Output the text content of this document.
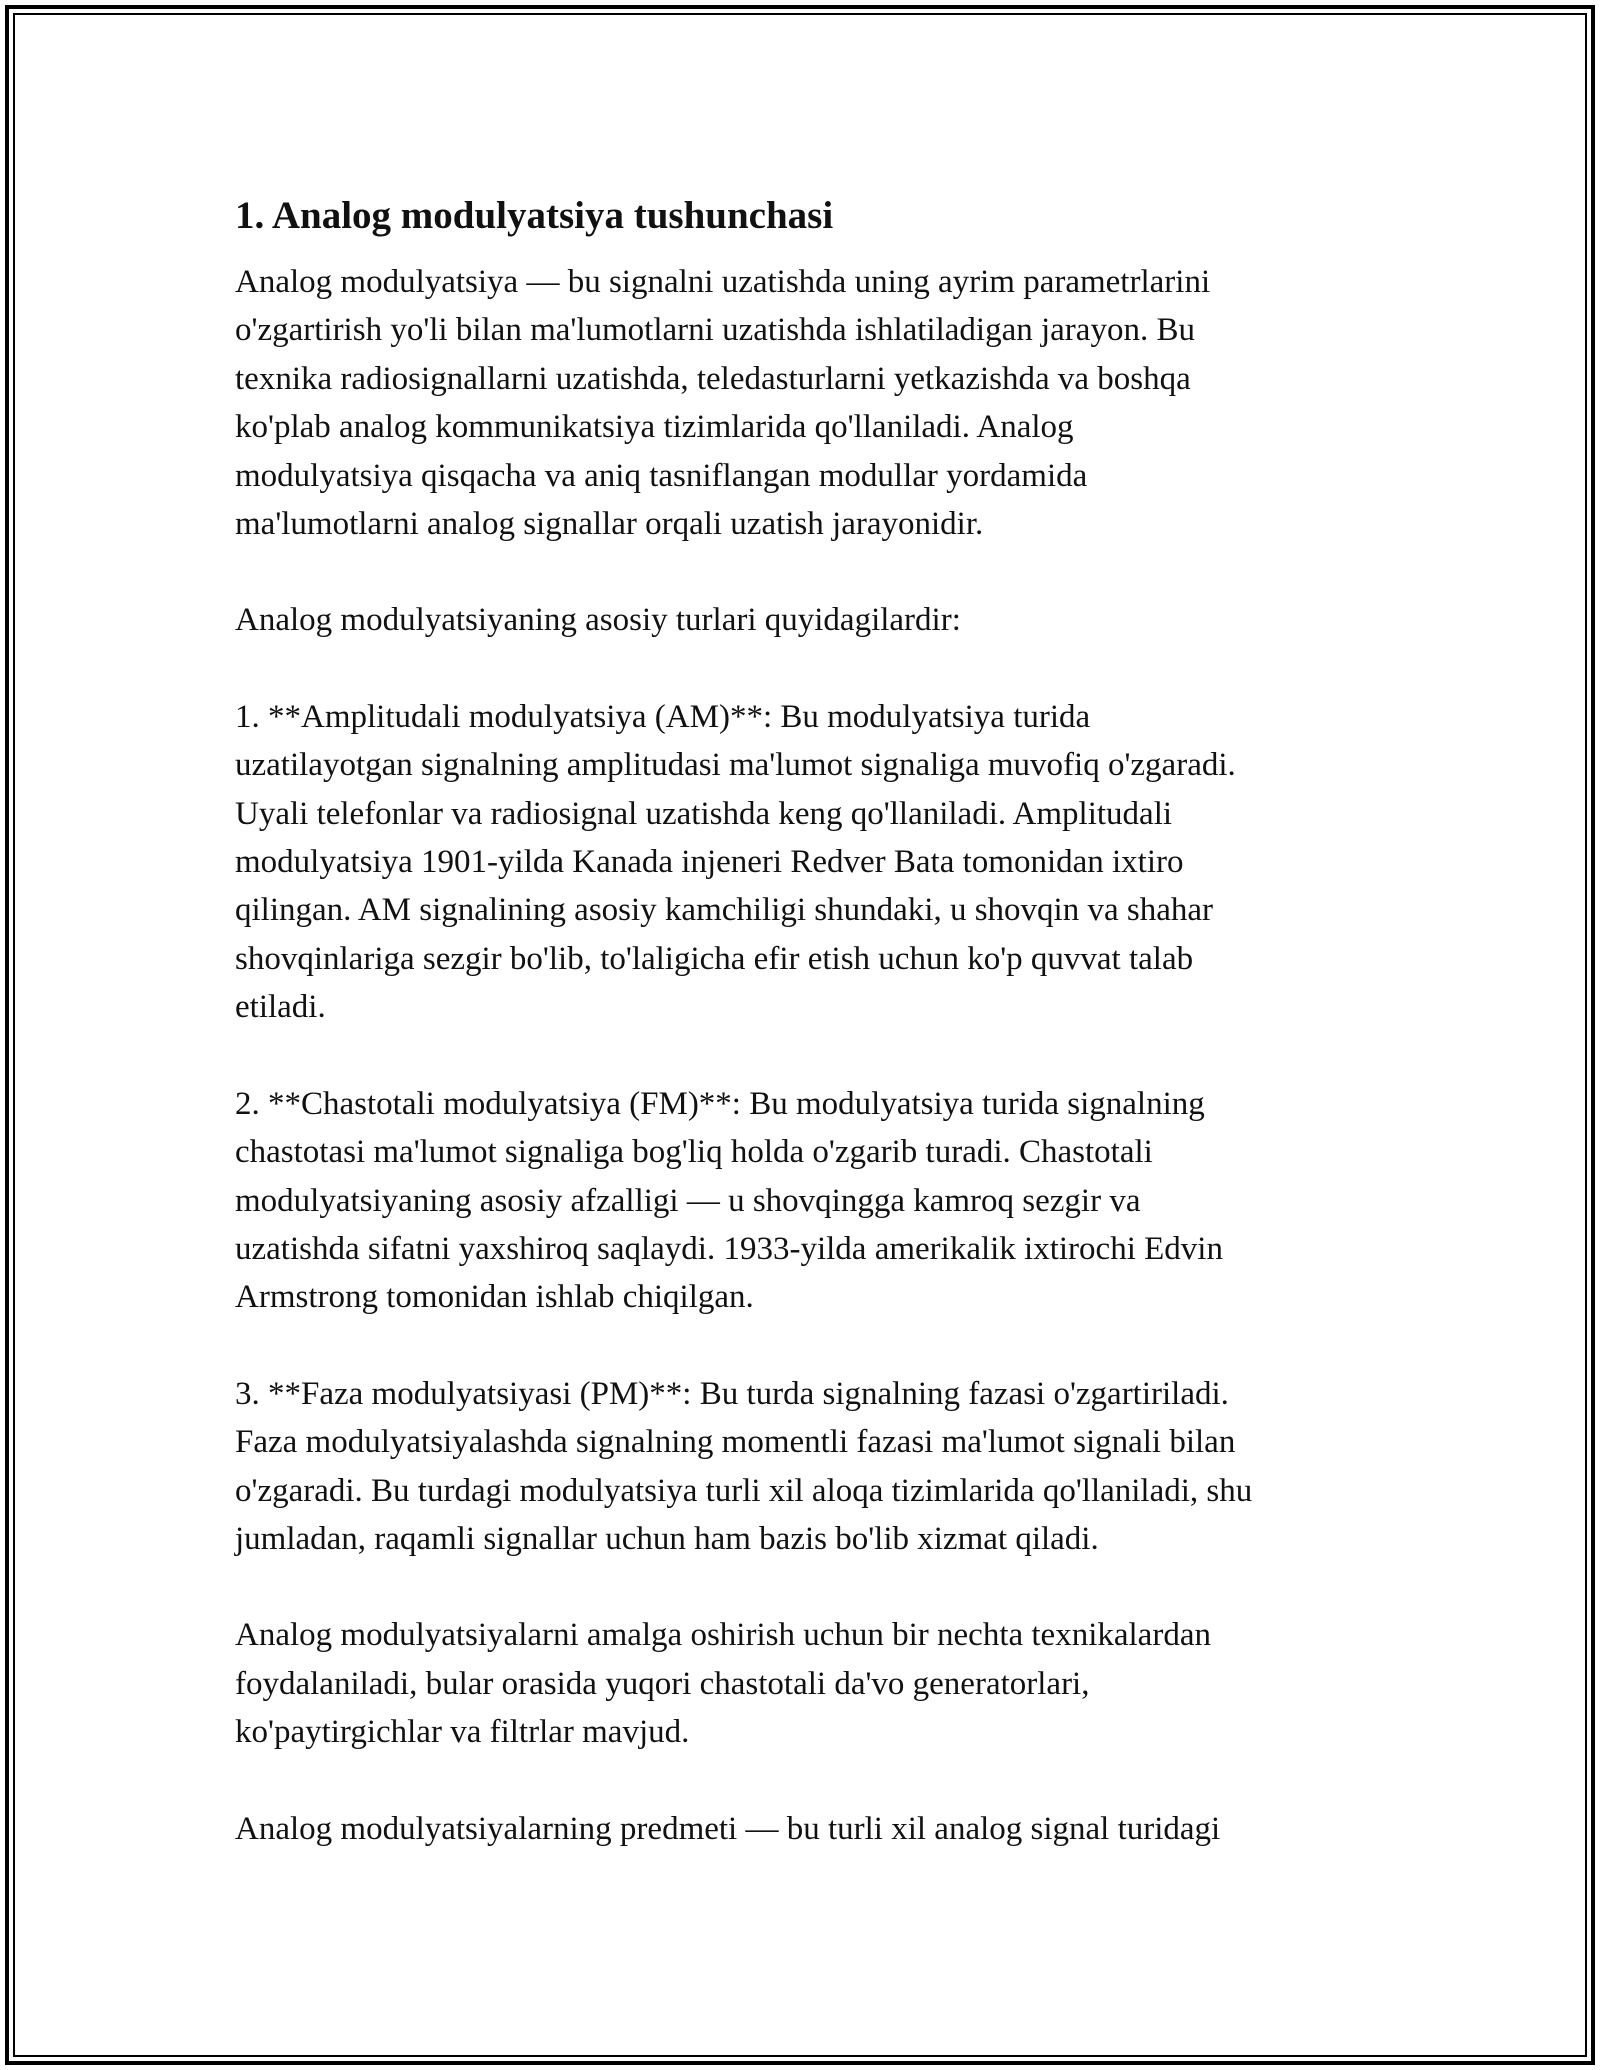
1. Analog modulyatsiya tushunchasi

Analog modulyatsiya — bu signalni uzatishda uning ayrim parametrlarini
o'zgartirish yo'li bilan ma'lumotlarni uzatishda ishlatiladigan jarayon. Bu
texnika radiosignallarni uzatishda, teledasturlarni yetkazishda va boshqa
ko'plab analog kommunikatsiya tizimlarida qo'llaniladi. Analog
modulyatsiya qisqacha va aniq tasniflangan modullar yordamida
ma'lumotlarni analog signallar orqali uzatish jarayonidir.

Analog modulyatsiyaning asosiy turlari quyidagilardir:

1. **Amplitudali modulyatsiya (AM)**: Bu modulyatsiya turida
uzatilayotgan signalning amplitudasi ma'lumot signaliga muvofiq o'zgaradi.
Uyali telefonlar va radiosignal uzatishda keng qo'llaniladi. Amplitudali
modulyatsiya 1901-yilda Kanada injeneri Redver Bata tomonidan ixtiro
qilingan. AM signalining asosiy kamchiligi shundaki, u shovqin va shahar
shovqinlariga sezgir bo'lib, to'laligicha efir etish uchun ko'p quvvat talab
etiladi.

2. **Chastotali modulyatsiya (FM)**: Bu modulyatsiya turida signalning
chastotasi ma'lumot signaliga bog'liq holda o'zgarib turadi. Chastotali
modulyatsiyaning asosiy afzalligi — u shovqingga kamroq sezgir va
uzatishda sifatni yaxshiroq saqlaydi. 1933-yilda amerikalik ixtirochi Edvin
Armstrong tomonidan ishlab chiqilgan.

3. **Faza modulyatsiyasi (PM)**: Bu turda signalning fazasi o'zgartiriladi.
Faza modulyatsiyalashda signalning momentli fazasi ma'lumot signali bilan
o'zgaradi. Bu turdagi modulyatsiya turli xil aloqa tizimlarida qo'llaniladi, shu
jumladan, raqamli signallar uchun ham bazis bo'lib xizmat qiladi.

Analog modulyatsiyalarni amalga oshirish uchun bir nechta texnikalardan
foydalaniladi, bular orasida yuqori chastotali da'vo generatorlari,
ko'paytirgichlar va filtrlar mavjud.

Analog modulyatsiyalarning predmeti — bu turli xil analog signal turidagi
